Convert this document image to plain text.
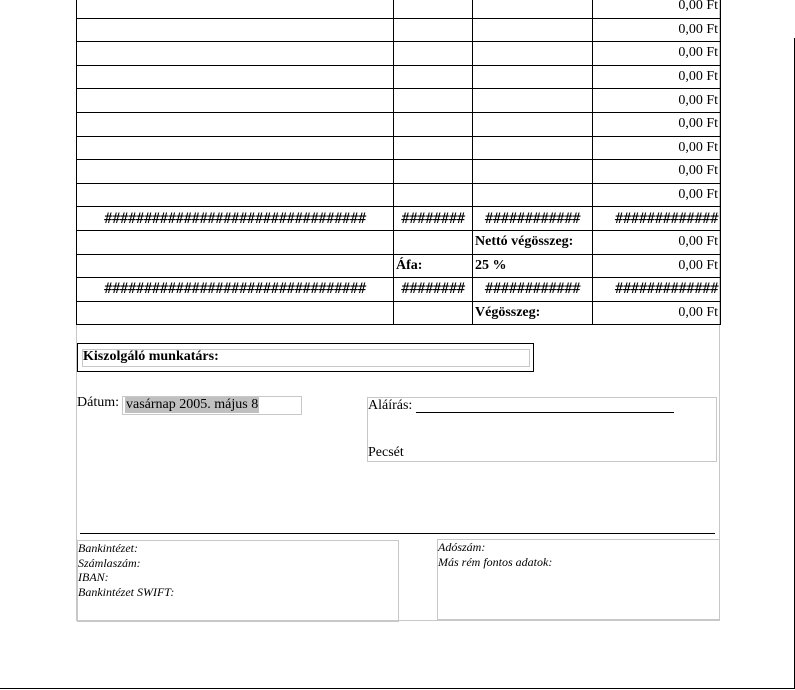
			0,00 Ft
			0,00 Ft
			0,00 Ft
			0,00 Ft
			0,00 Ft
			0,00 Ft
			0,00 Ft
			0,00 Ft
			0,00 Ft
#################################	########	############	#############
		Nettó végösszeg:	0,00 Ft
	Áfa:	25 %	0,00 Ft
#################################	########	############	#############
		Végösszeg:	0,00 Ft
Kiszolgáló munkatárs:
Dátum: vasárnap 2005. május 8	Aláírás:
Pecsét
Bankintézet:
Számlaszám:
IBAN:
Bankintézet SWIFT:
Adószám:
Más rém fontos adatok:
